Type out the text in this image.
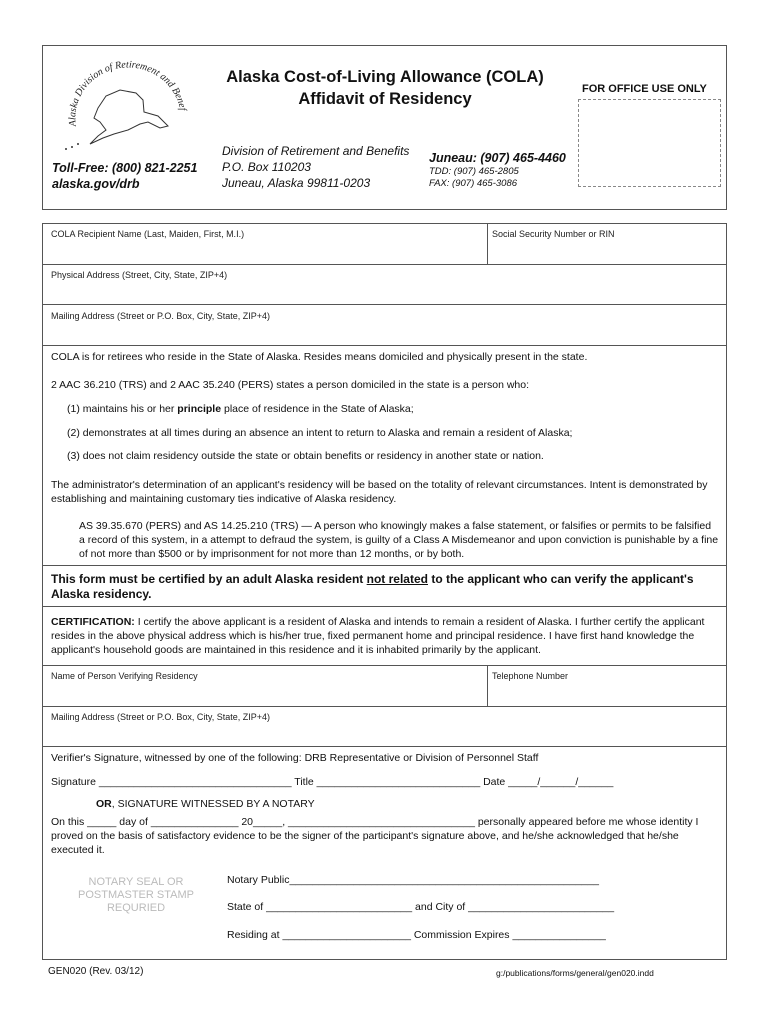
Alaska Division of Retirement and Benef
Toll-Free: (800) 821-2251
alaska.gov/drb
Alaska Cost-of-Living Allowance (COLA)
Affidavit of Residency
Division of Retirement and Benefits
P.O. Box 110203
Juneau, Alaska 99811-0203
Juneau: (907) 465-4460
TDD: (907) 465-2805
FAX: (907) 465-3086
FOR OFFICE USE ONLY
COLA Recipient Name (Last, Maiden, First, M.I.)	Social Security Number or RIN
Physical Address (Street, City, State, ZIP+4)
Mailing Address (Street or P.O. Box, City, State, ZIP+4)
COLA is for retirees who reside in the State of Alaska. Resides means domiciled and physically present in the state.
2 AAC 36.210 (TRS) and 2 AAC 35.240 (PERS) states a person domiciled in the state is a person who:
(1) maintains his or her principle place of residence in the State of Alaska;
(2) demonstrates at all times during an absence an intent to return to Alaska and remain a resident of Alaska;
(3) does not claim residency outside the state or obtain benefits or residency in another state or nation.
The administrator's determination of an applicant's residency will be based on the totality of relevant circumstances. Intent is demonstrated by establishing and maintaining customary ties indicative of Alaska residency.
AS 39.35.670 (PERS) and AS 14.25.210 (TRS) — A person who knowingly makes a false statement, or falsifies or permits to be falsified a record of this system, in a attempt to defraud the system, is guilty of a Class A Misdemeanor and upon conviction is punishable by a fine of not more than $500 or by imprisonment for not more than 12 months, or by both.
This form must be certified by an adult Alaska resident not related to the applicant who can verify the applicant's Alaska residency.
CERTIFICATION: I certify the above applicant is a resident of Alaska and intends to remain a resident of Alaska. I further certify the applicant resides in the above physical address which is his/her true, fixed permanent home and principal residence. I have first hand knowledge the applicant's household goods are maintained in this residence and it is inhabited primarily by the applicant.
Name of Person Verifying Residency	Telephone Number
Mailing Address (Street or P.O. Box, City, State, ZIP+4)
Verifier's Signature, witnessed by one of the following: DRB Representative or Division of Personnel Staff
Signature _________________________________ Title ____________________________ Date _____/______/______
OR, SIGNATURE WITNESSED BY A NOTARY
On this _____ day of _______________ 20_____, ________________________________ personally appeared before me whose identity I proved on the basis of satisfactory evidence to be the signer of the participant's signature above, and he/she acknowledged that he/she executed it.
NOTARY SEAL OR POSTMASTER STAMP REQURIED
Notary Public_____________________________________________________
State of _________________________ and City of _________________________
Residing at ______________________ Commission Expires ________________
GEN020 (Rev. 03/12)	g:/publications/forms/general/gen020.indd
